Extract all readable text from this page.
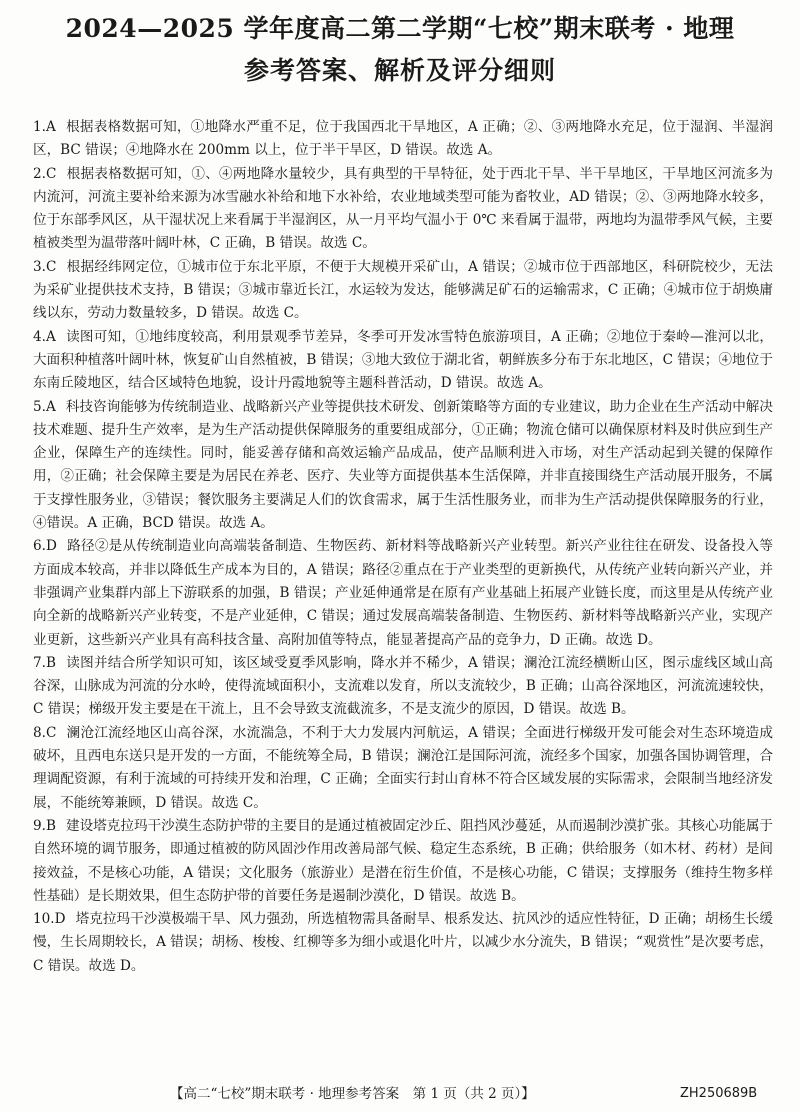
2024—2025 学年度高二第二学期“七校”期末联考 · 地理
参考答案、解析及评分细则

1.A 根据表格数据可知，①地降水严重不足，位于我国西北干旱地区，A 正确；②、③两地降水充足，位于湿润、半湿润区，BC 错误；④地降水在 200mm 以上，位于半干旱区，D 错误。故选 A。

2.C 根据表格数据可知，①、④两地降水量较少，具有典型的干旱特征，处于西北干旱、半干旱地区，干旱地区河流多为内流河，河流主要补给来源为冰雪融水补给和地下水补给，农业地域类型可能为畜牧业，AD 错误；②、③两地降水较多，位于东部季风区，从干湿状况上来看属于半湿润区，从一月平均气温小于 0℃ 来看属于温带，两地均为温带季风气候，主要植被类型为温带落叶阔叶林，C 正确，B 错误。故选 C。

3.C 根据经纬网定位，①城市位于东北平原，不便于大规模开采矿山，A 错误；②城市位于西部地区，科研院校少，无法为采矿业提供技术支持，B 错误；③城市靠近长江，水运较为发达，能够满足矿石的运输需求，C 正确；④城市位于胡焕庸线以东，劳动力数量较多，D 错误。故选 C。

4.A 读图可知，①地纬度较高，利用景观季节差异，冬季可开发冰雪特色旅游项目，A 正确；②地位于秦岭—淮河以北，大面积种植落叶阔叶林，恢复矿山自然植被，B 错误；③地大致位于湖北省，朝鲜族多分布于东北地区，C 错误；④地位于东南丘陵地区，结合区域特色地貌，设计丹霞地貌等主题科普活动，D 错误。故选 A。

5.A 科技咨询能够为传统制造业、战略新兴产业等提供技术研发、创新策略等方面的专业建议，助力企业在生产活动中解决技术难题、提升生产效率，是为生产活动提供保障服务的重要组成部分，①正确；物流仓储可以确保原材料及时供应到生产企业，保障生产的连续性。同时，能妥善存储和高效运输产品成品，使产品顺利进入市场，对生产活动起到关键的保障作用，②正确；社会保障主要是为居民在养老、医疗、失业等方面提供基本生活保障，并非直接围绕生产活动展开服务，不属于支撑性服务业，③错误；餐饮服务主要满足人们的饮食需求，属于生活性服务业，而非为生产活动提供保障服务的行业，④错误。A 正确，BCD 错误。故选 A。

6.D 路径②是从传统制造业向高端装备制造、生物医药、新材料等战略新兴产业转型。新兴产业往往在研发、设备投入等方面成本较高，并非以降低生产成本为目的，A 错误；路径②重点在于产业类型的更新换代，从传统产业转向新兴产业，并非强调产业集群内部上下游联系的加强，B 错误；产业延伸通常是在原有产业基础上拓展产业链长度，而这里是从传统产业向全新的战略新兴产业转变，不是产业延伸，C 错误；通过发展高端装备制造、生物医药、新材料等战略新兴产业，实现产业更新，这些新兴产业具有高科技含量、高附加值等特点，能显著提高产品的竞争力，D 正确。故选 D。

7.B 读图并结合所学知识可知，该区域受夏季风影响，降水并不稀少，A 错误；澜沧江流经横断山区，图示虚线区域山高谷深，山脉成为河流的分水岭，使得流域面积小，支流难以发育，所以支流较少，B 正确；山高谷深地区，河流流速较快，C 错误；梯级开发主要是在干流上，且不会导致支流截流多，不是支流少的原因，D 错误。故选 B。

8.C 澜沧江流经地区山高谷深，水流湍急，不利于大力发展内河航运，A 错误；全面进行梯级开发可能会对生态环境造成破坏，且西电东送只是开发的一方面，不能统筹全局，B 错误；澜沧江是国际河流，流经多个国家，加强各国协调管理，合理调配资源，有利于流域的可持续开发和治理，C 正确；全面实行封山育林不符合区域发展的实际需求，会限制当地经济发展，不能统筹兼顾，D 错误。故选 C。

9.B 建设塔克拉玛干沙漠生态防护带的主要目的是通过植被固定沙丘、阻挡风沙蔓延，从而遏制沙漠扩张。其核心功能属于自然环境的调节服务，即通过植被的防风固沙作用改善局部气候、稳定生态系统，B 正确；供给服务（如木材、药材）是间接效益，不是核心功能，A 错误；文化服务（旅游业）是潜在衍生价值，不是核心功能，C 错误；支撑服务（维持生物多样性基础）是长期效果，但生态防护带的首要任务是遏制沙漠化，D 错误。故选 B。

10.D 塔克拉玛干沙漠极端干旱、风力强劲，所选植物需具备耐旱、根系发达、抗风沙的适应性特征，D 正确；胡杨生长缓慢，生长周期较长，A 错误；胡杨、梭梭、红柳等多为细小或退化叶片，以减少水分流失，B 错误；“观赏性”是次要考虑，C 错误。故选 D。

【高二“七校”期末联考 · 地理参考答案　第 1 页（共 2 页）】	ZH250689B
